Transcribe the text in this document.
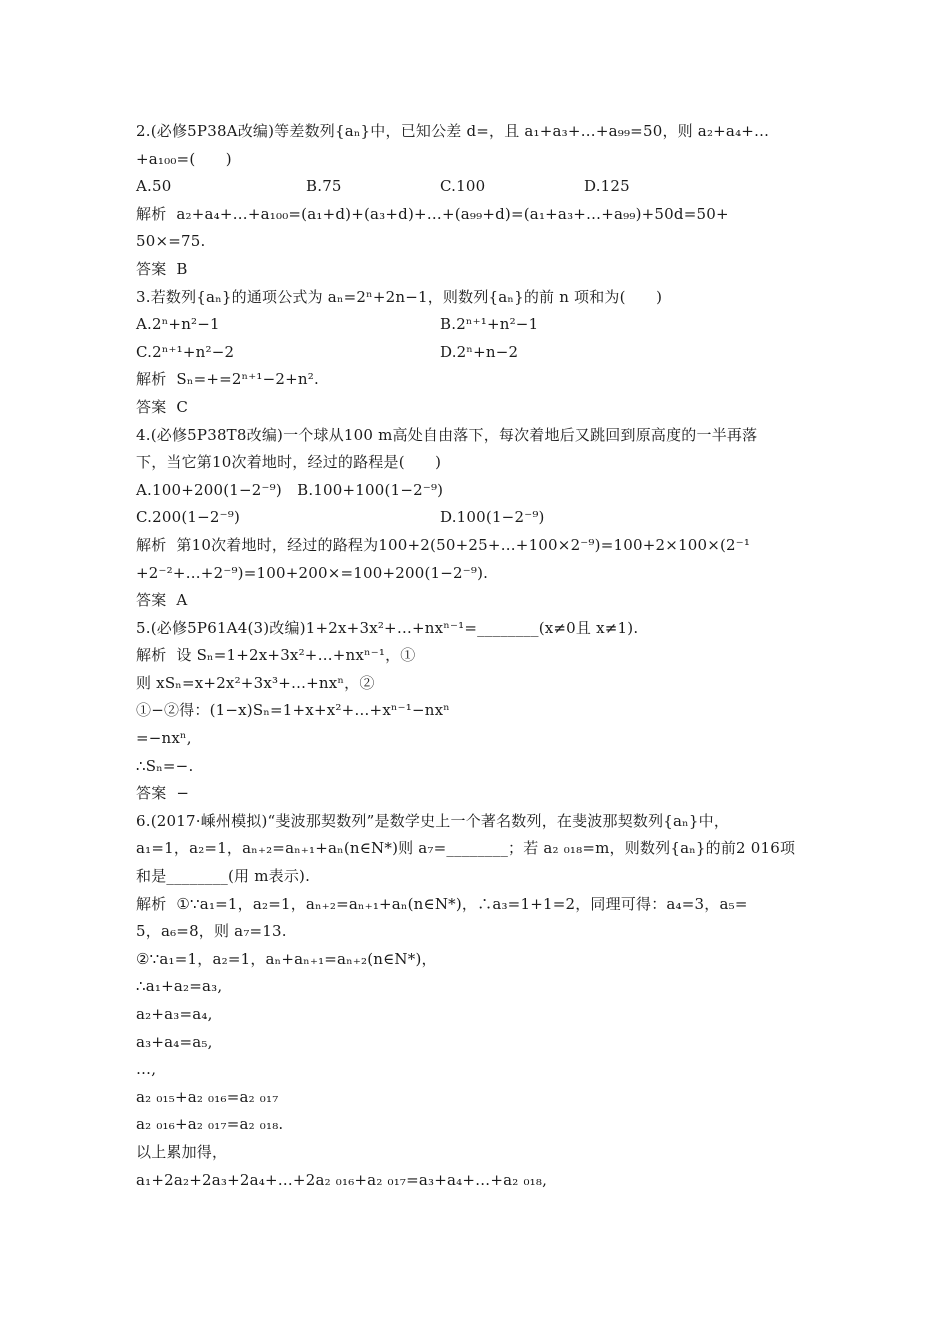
2.(必修5P38A改编)等差数列{aₙ}中，已知公差 d=，且 a₁+a₃+…+a₉₉=50，则 a₂+a₄+…
+a₁₀₀=(　　)
A.50	B.75	C.100	D.125
解析 a₂+a₄+…+a₁₀₀=(a₁+d)+(a₃+d)+…+(a₉₉+d)=(a₁+a₃+…+a₉₉)+50d=50+
50×=75.
答案 B
3.若数列{aₙ}的通项公式为 aₙ=2ⁿ+2n−1，则数列{aₙ}的前 n 项和为(　　)
A.2ⁿ+n²−1	B.2ⁿ⁺¹+n²−1
C.2ⁿ⁺¹+n²−2	D.2ⁿ+n−2
解析 Sₙ=+=2ⁿ⁺¹−2+n².
答案 C
4.(必修5P38T8改编)一个球从100 m高处自由落下，每次着地后又跳回到原高度的一半再落
下，当它第10次着地时，经过的路程是(　　)
A.100+200(1−2⁻⁹)　B.100+100(1−2⁻⁹)
C.200(1−2⁻⁹)	D.100(1−2⁻⁹)
解析 第10次着地时，经过的路程为100+2(50+25+…+100×2⁻⁹)=100+2×100×(2⁻¹
+2⁻²+…+2⁻⁹)=100+200×=100+200(1−2⁻⁹).
答案 A
5.(必修5P61A4(3)改编)1+2x+3x²+…+nxⁿ⁻¹=________(x≠0且 x≠1).
解析 设 Sₙ=1+2x+3x²+…+nxⁿ⁻¹，①
则 xSₙ=x+2x²+3x³+…+nxⁿ，②
①−②得：(1−x)Sₙ=1+x+x²+…+xⁿ⁻¹−nxⁿ
=−nxⁿ,
∴Sₙ=−.
答案 −
6.(2017·嵊州模拟)“斐波那契数列”是数学史上一个著名数列，在斐波那契数列{aₙ}中，
a₁=1，a₂=1，aₙ₊₂=aₙ₊₁+aₙ(n∈N*)则 a₇=________；若 a₂ ₀₁₈=m，则数列{aₙ}的前2 016项
和是________(用 m表示).
解析 ①∵a₁=1，a₂=1，aₙ₊₂=aₙ₊₁+aₙ(n∈N*)，∴a₃=1+1=2，同理可得：a₄=3，a₅=
5，a₆=8，则 a₇=13.
②∵a₁=1，a₂=1，aₙ+aₙ₊₁=aₙ₊₂(n∈N*)，
∴a₁+a₂=a₃,
a₂+a₃=a₄,
a₃+a₄=a₅,
…,
a₂ ₀₁₅+a₂ ₀₁₆=a₂ ₀₁₇
a₂ ₀₁₆+a₂ ₀₁₇=a₂ ₀₁₈.
以上累加得，
a₁+2a₂+2a₃+2a₄+…+2a₂ ₀₁₆+a₂ ₀₁₇=a₃+a₄+…+a₂ ₀₁₈,
